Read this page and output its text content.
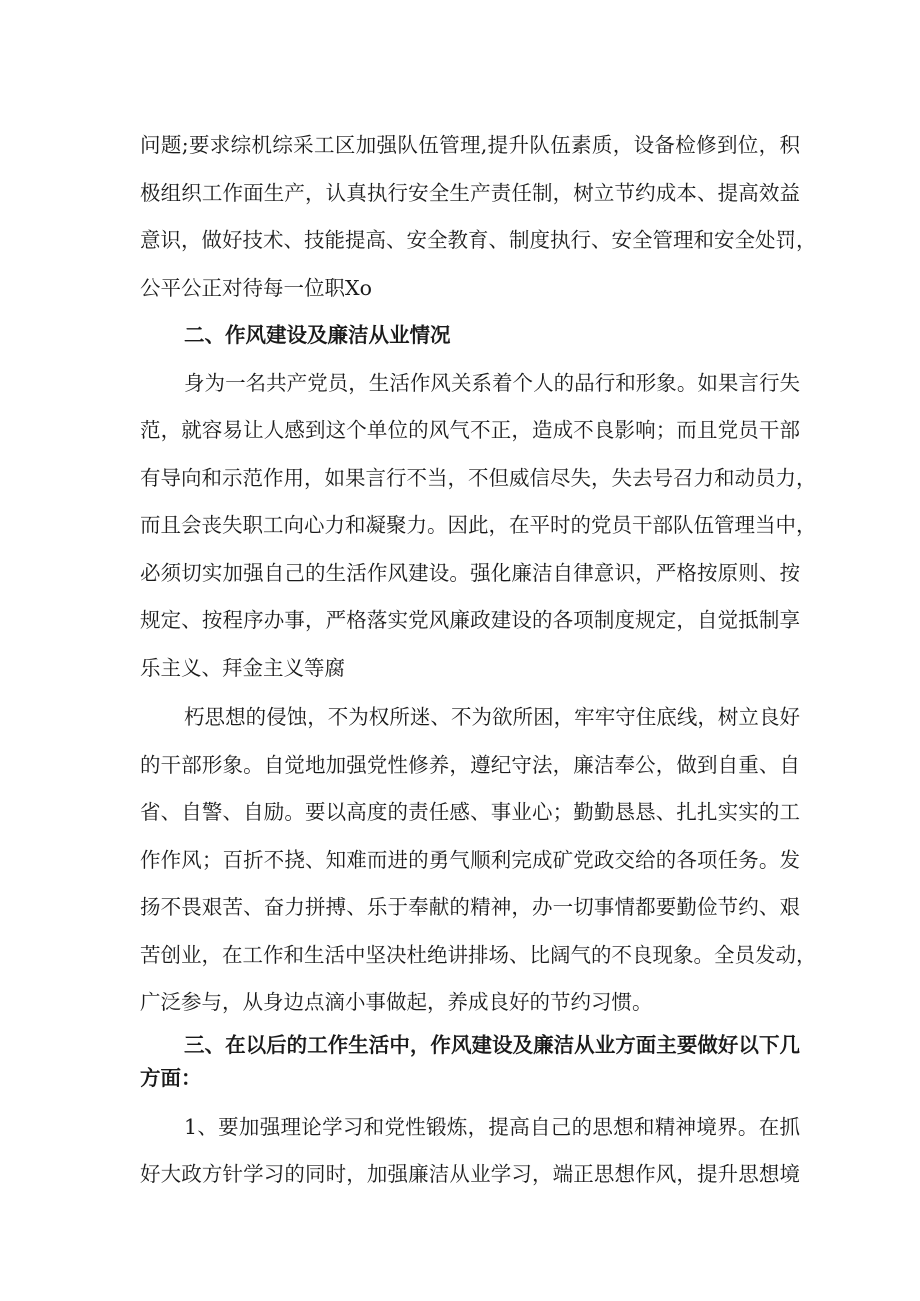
问题;要求综机综采工区加强队伍管理,提升队伍素质，设备检修到位，积
极组织工作面生产，认真执行安全生产责任制，树立节约成本、提高效益
意识，做好技术、技能提高、安全教育、制度执行、安全管理和安全处罚，
公平公正对待每一位职Xo
二、作风建设及廉洁从业情况
身为一名共产党员，生活作风关系着个人的品行和形象。如果言行失
范，就容易让人感到这个单位的风气不正，造成不良影响；而且党员干部
有导向和示范作用，如果言行不当，不但威信尽失，失去号召力和动员力，
而且会丧失职工向心力和凝聚力。因此，在平时的党员干部队伍管理当中，
必须切实加强自己的生活作风建设。强化廉洁自律意识，严格按原则、按
规定、按程序办事，严格落实党风廉政建设的各项制度规定，自觉抵制享
乐主义、拜金主义等腐
朽思想的侵蚀，不为权所迷、不为欲所困，牢牢守住底线，树立良好
的干部形象。自觉地加强党性修养，遵纪守法，廉洁奉公，做到自重、自
省、自警、自励。要以高度的责任感、事业心；勤勤恳恳、扎扎实实的工
作作风；百折不挠、知难而进的勇气顺利完成矿党政交给的各项任务。发
扬不畏艰苦、奋力拼搏、乐于奉献的精神，办一切事情都要勤俭节约、艰
苦创业，在工作和生活中坚决杜绝讲排场、比阔气的不良现象。全员发动，
广泛参与，从身边点滴小事做起，养成良好的节约习惯。
三、在以后的工作生活中，作风建设及廉洁从业方面主要做好以下几
方面：
1、要加强理论学习和党性锻炼，提高自己的思想和精神境界。在抓
好大政方针学习的同时，加强廉洁从业学习，端正思想作风，提升思想境
